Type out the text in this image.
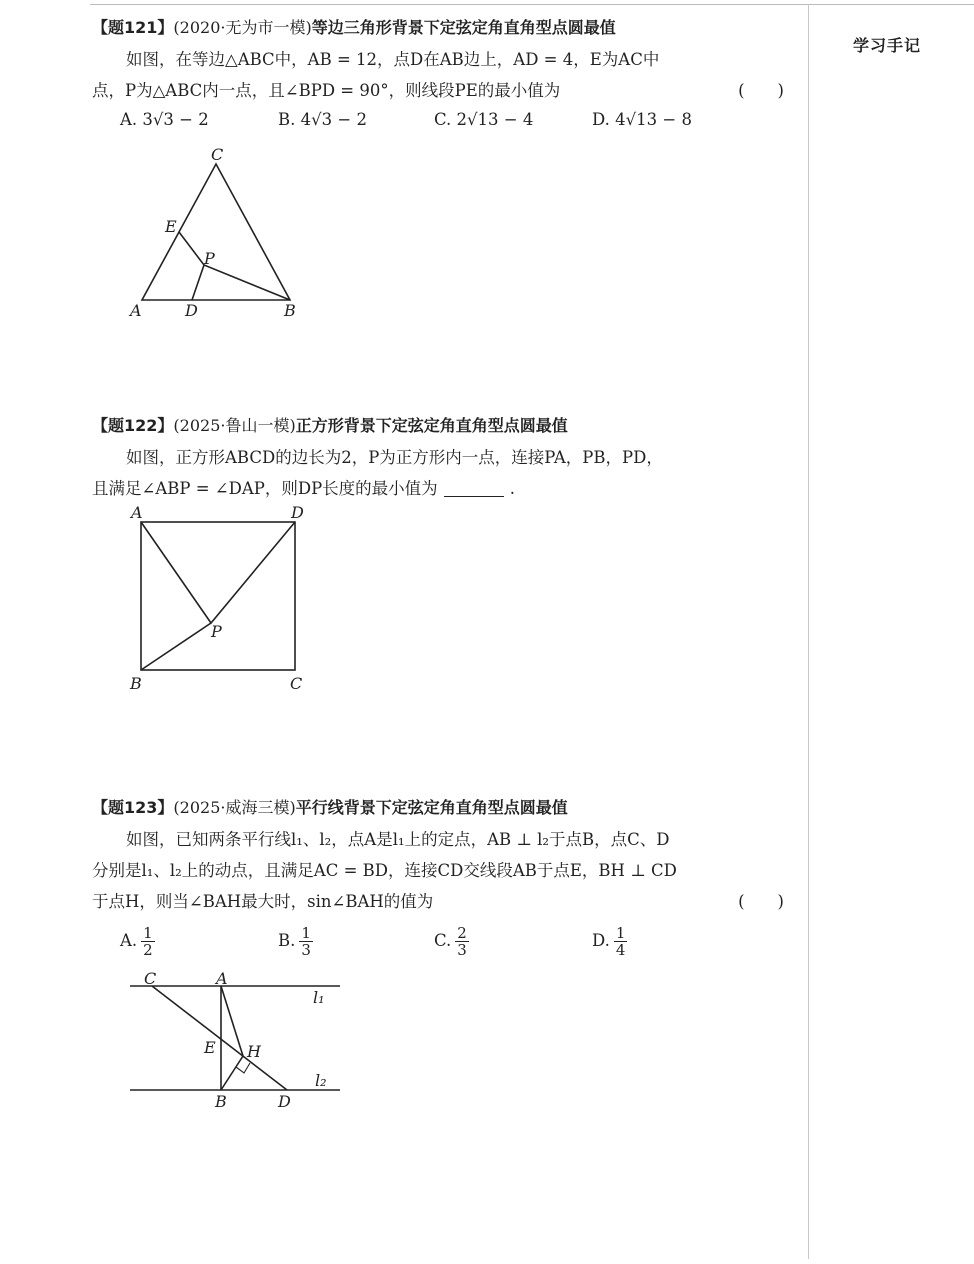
学习手记
【题121】(2020·无为市一模)等边三角形背景下定弦定角直角型点圆最值

如图，在等边△ABC中，AB = 12，点D在AB边上，AD = 4，E为AC中

(　　)
点，P为△ABC内一点，且∠BPD = 90°，则线段PE的最小值为

A. 3√3 − 2	B. 4√3 − 2	C. 2√13 − 4	D. 4√13 − 8
C
E
P
A	D	B
【题122】(2025·鲁山一模)正方形背景下定弦定角直角型点圆最值

如图，正方形ABCD的边长为2，P为正方形内一点，连接PA，PB，PD，

且满足∠ABP = ∠DAP，则DP长度的最小值为	.

A	D
P
B	C
【题123】(2025·威海三模)平行线背景下定弦定角直角型点圆最值

如图，已知两条平行线l₁、l₂，点A是l₁上的定点，AB ⊥ l₂于点B，点C、D

分别是l₁、l₂上的动点，且满足AC = BD，连接CD交线段AB于点E，BH ⊥ CD

(　　)
于点H，则当∠BAH最大时，sin∠BAH的值为

A. $\frac{1}{2}$	B. $\frac{1}{3}$	C. $\frac{2}{3}$	D. $\frac{1}{4}$
C	A
l₁
E H
l₂
B	D
